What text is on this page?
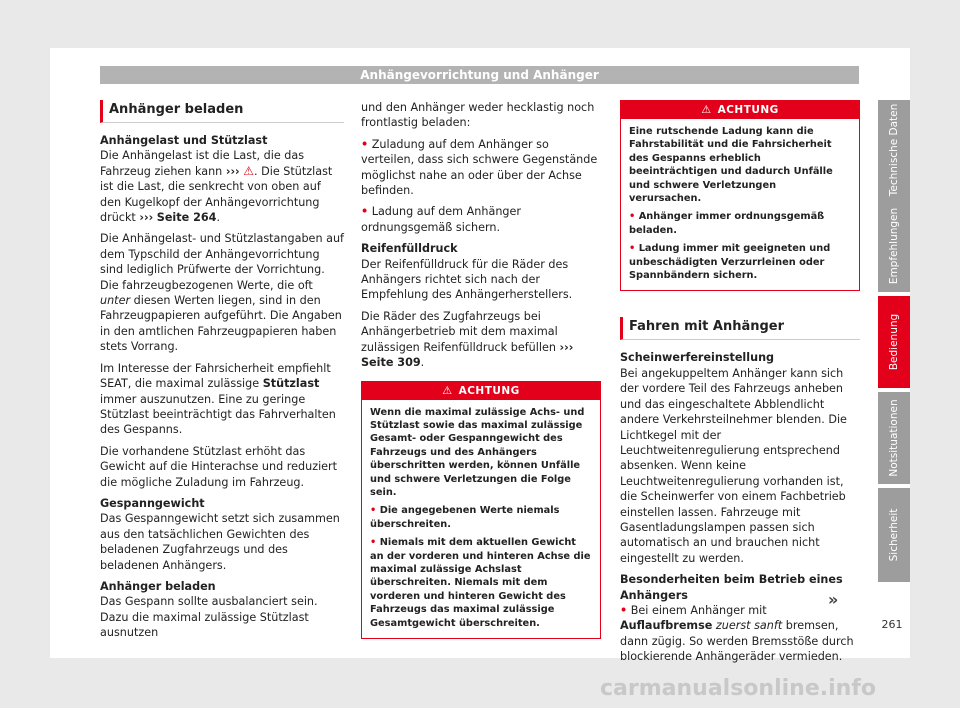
Anhängevorrichtung und Anhänger
Anhänger beladen

Anhängelast und Stützlast

Die Anhängelast ist die Last, die das Fahrzeug ziehen kann ››› ⚠. Die Stützlast ist die Last, die senkrecht von oben auf den Kugelkopf der Anhängevorrichtung drückt ››› Seite 264.

Die Anhängelast- und Stützlastangaben auf dem Typschild der Anhängevorrichtung sind lediglich Prüfwerte der Vorrichtung. Die fahrzeugbezogenen Werte, die oft unter diesen Werten liegen, sind in den Fahrzeugpapieren aufgeführt. Die Angaben in den amtlichen Fahrzeugpapieren haben stets Vorrang.

Im Interesse der Fahrsicherheit empfiehlt SEAT, die maximal zulässige Stützlast immer auszunutzen. Eine zu geringe Stützlast beeinträchtigt das Fahrverhalten des Gespanns.

Die vorhandene Stützlast erhöht das Gewicht auf die Hinterachse und reduziert die mögliche Zuladung im Fahrzeug.

Gespanngewicht

Das Gespanngewicht setzt sich zusammen aus den tatsächlichen Gewichten des beladenen Zugfahrzeugs und des beladenen Anhängers.

Anhänger beladen

Das Gespann sollte ausbalanciert sein. Dazu die maximal zulässige Stützlast ausnutzen

und den Anhänger weder hecklastig noch frontlastig beladen:

• Zuladung auf dem Anhänger so verteilen, dass sich schwere Gegenstände möglichst nahe an oder über der Achse befinden.

• Ladung auf dem Anhänger ordnungsgemäß sichern.

Reifenfülldruck

Der Reifenfülldruck für die Räder des Anhängers richtet sich nach der Empfehlung des Anhängerherstellers.

Die Räder des Zugfahrzeugs bei Anhängerbetrieb mit dem maximal zulässigen Reifenfülldruck befüllen ››› Seite 309.

⚠ ACHTUNG

Wenn die maximal zulässige Achs- und Stützlast sowie das maximal zulässige Gesamt- oder Gespanngewicht des Fahrzeugs und des Anhängers überschritten werden, können Unfälle und schwere Verletzungen die Folge sein.

• Die angegebenen Werte niemals überschreiten.

• Niemals mit dem aktuellen Gewicht an der vorderen und hinteren Achse die maximal zulässige Achslast überschreiten. Niemals mit dem vorderen und hinteren Gewicht des Fahrzeugs das maximal zulässige Gesamtgewicht überschreiten.

⚠ ACHTUNG

Eine rutschende Ladung kann die Fahrstabilität und die Fahrsicherheit des Gespanns erheblich beeinträchtigen und dadurch Unfälle und schwere Verletzungen verursachen.

• Anhänger immer ordnungsgemäß beladen.

• Ladung immer mit geeigneten und unbeschädigten Verzurrleinen oder Spannbändern sichern.

Fahren mit Anhänger

Scheinwerfereinstellung

Bei angekuppeltem Anhänger kann sich der vordere Teil des Fahrzeugs anheben und das eingeschaltete Abblendlicht andere Verkehrsteilnehmer blenden. Die Lichtkegel mit der Leuchtweitenregulierung entsprechend absenken. Wenn keine Leuchtweitenregulierung vorhanden ist, die Scheinwerfer von einem Fachbetrieb einstellen lassen. Fahrzeuge mit Gasentladungslampen passen sich automatisch an und brauchen nicht eingestellt zu werden.

Besonderheiten beim Betrieb eines Anhängers

• Bei einem Anhänger mit Auflaufbremse zuerst sanft bremsen, dann zügig. So werden Bremsstöße durch blockierende Anhängeräder vermieden.

»
Technische Daten
Empfehlungen
Bedienung
Notsituationen
Sicherheit
261
carmanualsonline.info
